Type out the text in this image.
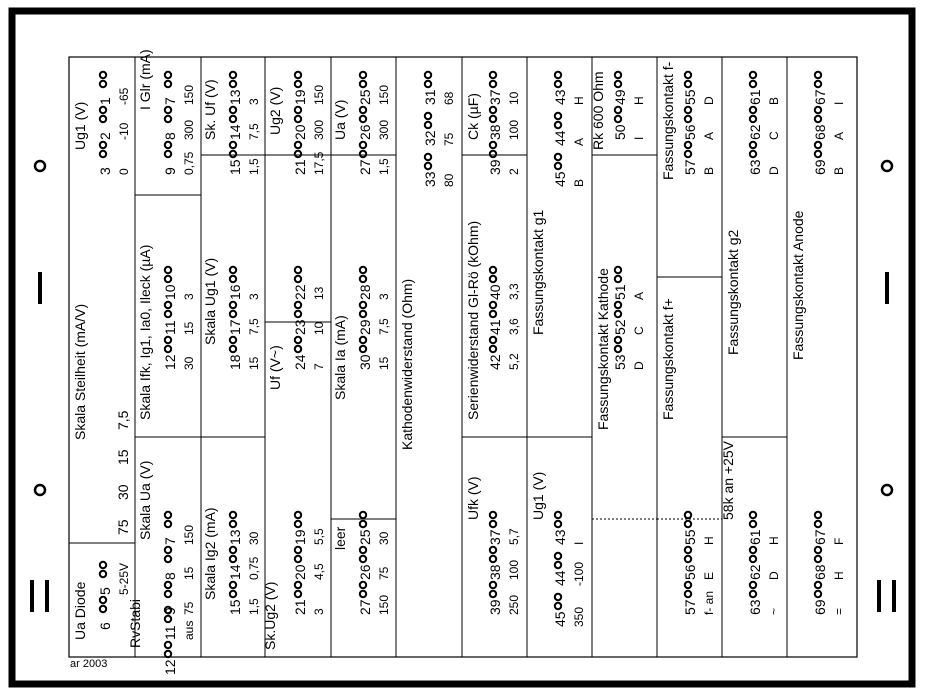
Ug1 (V)
1
2
3
-65
-10
0
Skala Steilheit (mA/V) 7,5
15
30
75
I Glr (mA) 7
8
9
150
300
0,75
Skala Ifk, Ig1, Ia0, Ileck (µA) 10
11
12
3
15
30
Skala Ua (V)
7
8
9
150
15
75
Ua Diode 5
6
5-25V
RvStabi 11
12
aus
Sk. Uf (V) 13
14
15
3
7,5
1,5
Skala Ug1 (V) 16
17
18
3
7,5
15
Skala Ig2 (mA) 13
14
15
30
0,75
1,5
Ug2 (V) 19
20
21
150
300
17,5
Uf (V~)
22
23
24
13
10
7
Sk.Ug2 (V)
19
20
21
5,5
4,5
3
Ua (V)
25
26
27
150
300
1,5
Skala Ia (mA)
28
29
30
3
7,5
15
leer 25
26
27
30
75
150
Kathodenwiderstand (Ohm)
31
32
33
68
75
80
Ck (µF) 37
38
39
10
100
2
Serienwiderstand Gl-Rö (kOhm) 40
41
42
3,3
3,6
5,2
Ufk (V)
37
38
39
5,7
100
250
Fassungskontakt g1
43
44
45
H
A
B
Ug1 (V)
43
44
45
I
-100
350
Rk 600 Ohm 49
50
H
I
Fassungskontakt Kathode 51
52
53
A
C
D
Fassungskontakt f- 55
56
57
D
A
B
Fassungskontakt f+
55
56
57
H
E
f- an
Fassungskontakt g2
61
62
63
B
C
D
58k an +25V
61
62
63
H
D
~
Fassungskontakt Anode
67
68
69
I
A
B
67
68
69
F
H
=
ar 2003
